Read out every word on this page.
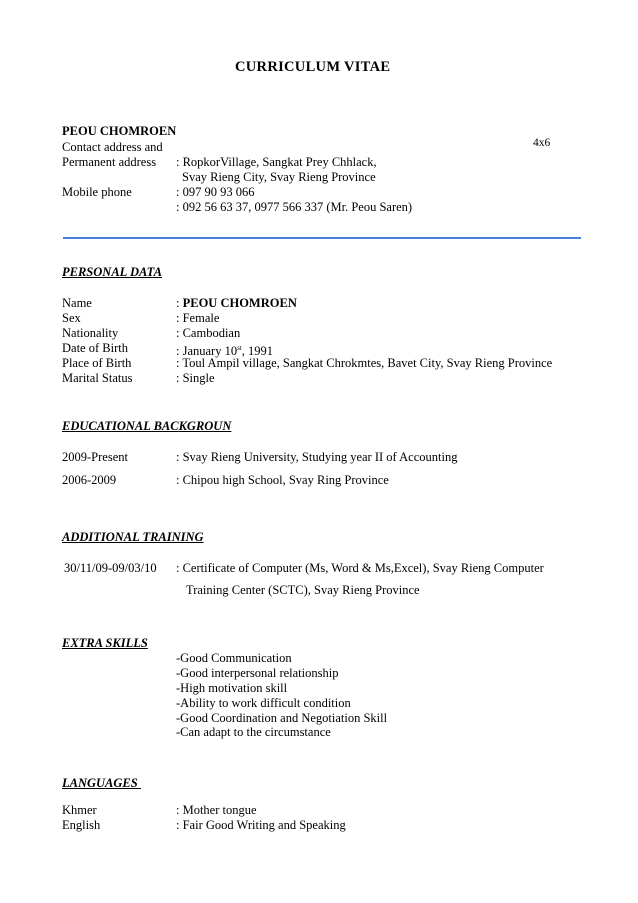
CURRICULUM VITAE
PEOU CHOMROEN
4x6
Contact address and
Permanent address : RopkorVillage, Sangkat Prey Chhlack,
Svay Rieng City, Svay Rieng Province
Mobile phone	: 097 90 93 066
: 092 56 63 37, 0977 566 337 (Mr. Peou Saren)
PERSONAL DATA
Name	: PEOU CHOMROEN
Sex	: Female
Nationality	: Cambodian
Date of Birth	: January 10st, 1991
Place of Birth	: Toul Ampil village, Sangkat Chrokmtes, Bavet City, Svay Rieng Province
Marital Status	: Single
EDUCATIONAL BACKGROUN
2009-Present	: Svay Rieng University, Studying year II of Accounting
2006-2009	: Chipou high School, Svay Ring Province
ADDITIONAL TRAINING
30/11/09-09/03/10 : Certificate of Computer (Ms, Word & Ms,Excel), Svay Rieng Computer
Training Center (SCTC), Svay Rieng Province
EXTRA SKILLS
-Good Communication
-Good interpersonal relationship
-High motivation skill
-Ability to work difficult condition
-Good Coordination and Negotiation Skill
-Can adapt to the circumstance
LANGUAGES
Khmer	: Mother tongue
English	: Fair Good Writing and Speaking
